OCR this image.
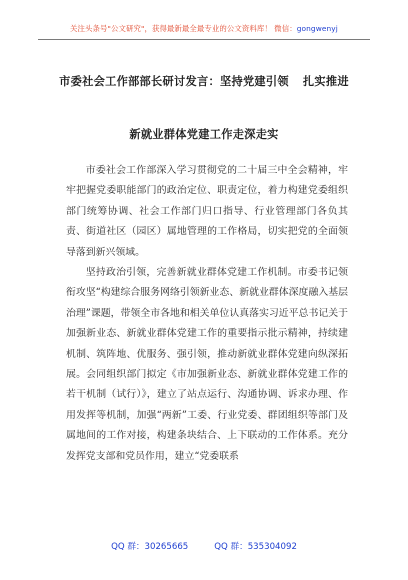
关注头条号"公文研究"，获得最新最全最专业的公文资料库！ 微信：gongwenyj
市委社会工作部部长研讨发言：坚持党建引领 扎实推进
新就业群体党建工作走深走实

市委社会工作部深入学习贯彻党的二十届三中全会精神，牢牢把握党委职能部门的政治定位、职责定位，着力构建党委组织部门统筹协调、社会工作部门归口指导、行业管理部门各负其责、街道社区（园区）属地管理的工作格局，切实把党的全面领导落到新兴领域。

坚持政治引领，完善新就业群体党建工作机制。市委书记领衔攻坚“构建综合服务网络引领新业态、新就业群体深度融入基层治理”课题，带领全市各地和相关单位认真落实习近平总书记关于加强新业态、新就业群体党建工作的重要指示批示精神，持续建机制、筑阵地、优服务、强引领，推动新就业群体党建向纵深拓展。会同组织部门拟定《市加强新业态、新就业群体党建工作的若干机制（试行）》，建立了站点运行、沟通协调、诉求办理、作用发挥等机制，加强“两新”工委、行业党委、群团组织等部门及属地间的工作对接，构建条块结合、上下联动的工作体系。充分发挥党支部和党员作用，建立“党委联系

QQ 群：30265665	QQ 群：535304092
